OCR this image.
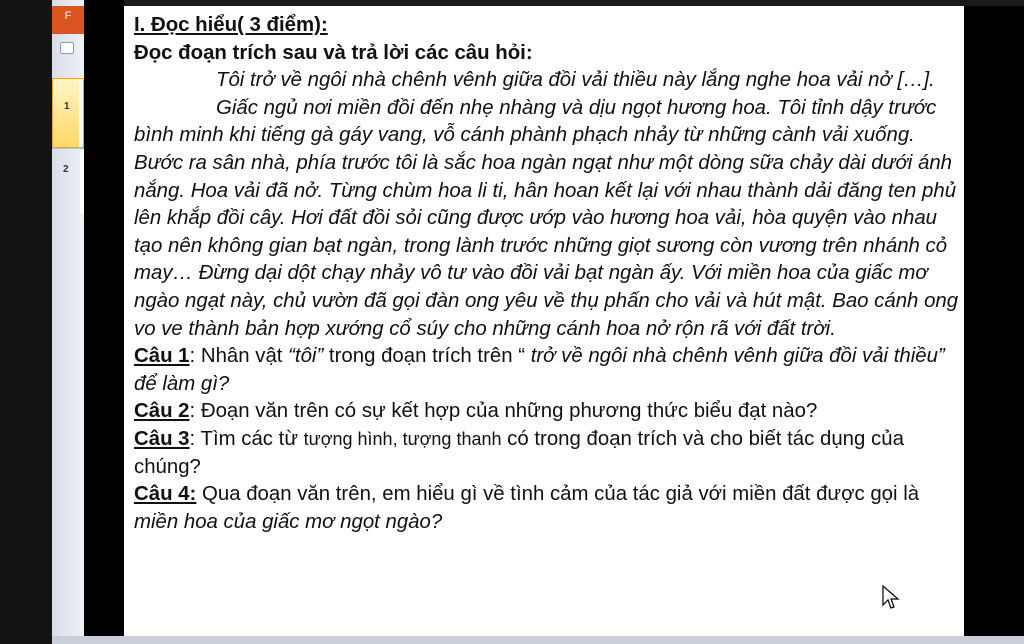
F
1
2

I. Đọc hiểu( 3 điểm):

Đọc đoạn trích sau và trả lời các câu hỏi:

Tôi trở về ngôi nhà chênh vênh giữa đồi vải thiều này lắng nghe hoa vải nở […].

Giấc ngủ nơi miền đồi đến nhẹ nhàng và dịu ngọt hương hoa. Tôi tỉnh dậy trước bình minh khi tiếng gà gáy vang, vỗ cánh phành phạch nhảy từ những cành vải xuống. Bước ra sân nhà, phía trước tôi là sắc hoa ngàn ngạt như một dòng sữa chảy dài dưới ánh nắng. Hoa vải đã nở. Từng chùm hoa li ti, hân hoan kết lại với nhau thành dải đăng ten phủ lên khắp đồi cây. Hơi đất đồi sỏi cũng được ướp vào hương hoa vải, hòa quyện vào nhau tạo nên không gian bạt ngàn, trong lành trước những giọt sương còn vương trên nhánh cỏ may… Đừng dại dột chạy nhảy vô tư vào đồi vải bạt ngàn ấy. Với miền hoa của giấc mơ ngào ngạt này, chủ vườn đã gọi đàn ong yêu về thụ phấn cho vải và hút mật. Bao cánh ong vo ve thành bản hợp xướng cổ súy cho những cánh hoa nở rộn rã với đất trời.

Câu 1: Nhân vật “tôi” trong đoạn trích trên “ trở về ngôi nhà chênh vênh giữa đồi vải thiều” để làm gì?

Câu 2: Đoạn văn trên có sự kết hợp của những phương thức biểu đạt nào?

Câu 3: Tìm các từ tượng hình, tượng thanh có trong đoạn trích và cho biết tác dụng của chúng?

Câu 4: Qua đoạn văn trên, em hiểu gì về tình cảm của tác giả với miền đất được gọi là miền hoa của giấc mơ ngọt ngào?
